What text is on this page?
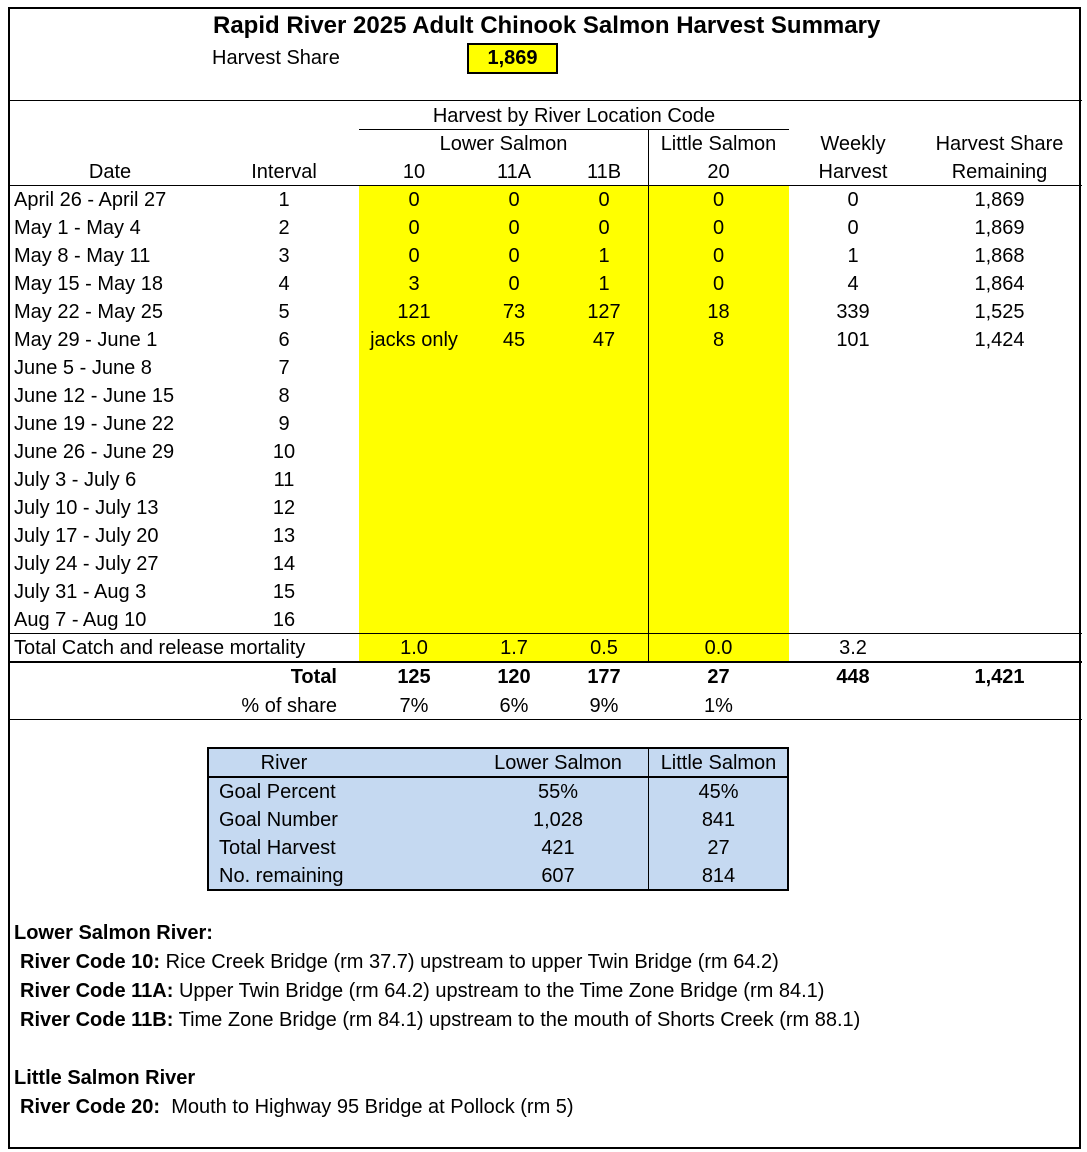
Rapid River 2025 Adult Chinook Salmon Harvest Summary
Harvest Share	1,869
Harvest by River Location Code
Lower Salmon	Little Salmon	Weekly	Harvest Share
Date	Interval	10	11A	11B	20	Harvest	Remaining
April 26 - April 27	1	0	0	0	0	0	1,869
May 1 - May 4	2	0	0	0	0	0	1,869
May 8 - May 11	3	0	0	1	0	1	1,868
May 15 - May 18	4	3	0	1	0	4	1,864
May 22 - May 25	5	121	73	127	18	339	1,525
May 29 - June 1	6	jacks only	45	47	8	101	1,424
June 5 - June 8	7
June 12 - June 15	8
June 19 - June 22	9
June 26 - June 29	10
July 3 - July 6	11
July 10 - July 13	12
July 17 - July 20	13
July 24 - July 27	14
July 31 - Aug 3	15
Aug 7 - Aug 10	16
Total Catch and release mortality	1.0	1.7	0.5	0.0	3.2
Total	125	120	177	27	448	1,421
% of share	7%	6%	9%	1%
River	Lower Salmon	Little Salmon
Goal Percent	55%	45%
Goal Number	1,028	841
Total Harvest	421	27
No. remaining	607	814
Lower Salmon River:
River Code 10: Rice Creek Bridge (rm 37.7) upstream to upper Twin Bridge (rm 64.2)
River Code 11A: Upper Twin Bridge (rm 64.2) upstream to the Time Zone Bridge (rm 84.1)
River Code 11B: Time Zone Bridge (rm 84.1) upstream to the mouth of Shorts Creek (rm 88.1)
Little Salmon River
River Code 20: Mouth to Highway 95 Bridge at Pollock (rm 5)
